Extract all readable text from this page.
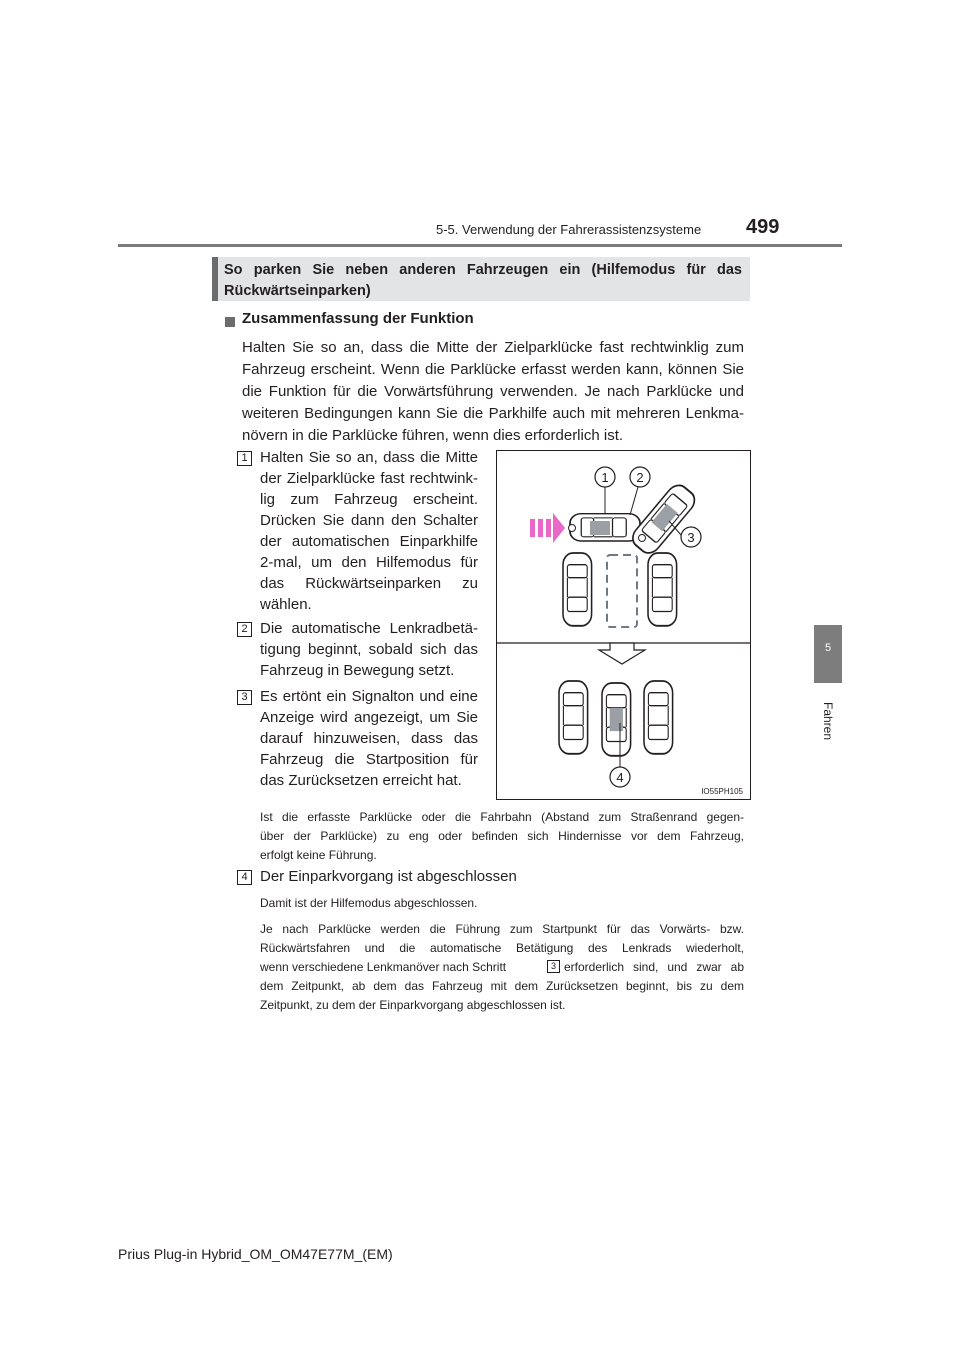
5-5. Verwendung der Fahrerassistenzsysteme 499
5
Fahren
So parken Sie neben anderen Fahrzeugen ein (Hilfemodus für das
Rückwärtseinparken)
Zusammenfassung der Funktion
Halten Sie so an, dass die Mitte der Zielparklücke fast rechtwinklig zum
Fahrzeug erscheint. Wenn die Parklücke erfasst werden kann, können Sie
die Funktion für die Vorwärtsführung verwenden. Je nach Parklücke und
weiteren Bedingungen kann Sie die Parkhilfe auch mit mehreren Lenkma-
növern in die Parklücke führen, wenn dies erforderlich ist.
1 Halten Sie so an, dass die Mitte
der Zielparklücke fast rechtwink-
lig zum Fahrzeug erscheint.
Drücken Sie dann den Schalter
der automatischen Einparkhilfe
2-mal, um den Hilfemodus für
das Rückwärtseinparken zu
wählen.
2 Die automatische Lenkradbetä-
tigung beginnt, sobald sich das
Fahrzeug in Bewegung setzt.
3 Es ertönt ein Signalton und eine
Anzeige wird angezeigt, um Sie
darauf hinzuweisen, dass das
Fahrzeug die Startposition für
das Zurücksetzen erreicht hat.
Ist die erfasste Parklücke oder die Fahrbahn (Abstand zum Straßenrand gegen-
über der Parklücke) zu eng oder befinden sich Hindernisse vor dem Fahrzeug,
erfolgt keine Führung.
4 Der Einparkvorgang ist abgeschlossen
Damit ist der Hilfemodus abgeschlossen.
Je nach Parklücke werden die Führung zum Startpunkt für das Vorwärts- bzw.
Rückwärtsfahren und die automatische Betätigung des Lenkrads wiederholt,
wenn verschiedene Lenkmanöver nach Schritt	3 erforderlich sind, und zwar ab
dem Zeitpunkt, ab dem das Fahrzeug mit dem Zurücksetzen beginnt, bis zu dem
Zeitpunkt, zu dem der Einparkvorgang abgeschlossen ist.
1 2
3
4
IO55PH105
Prius Plug-in Hybrid_OM_OM47E77M_(EM)
